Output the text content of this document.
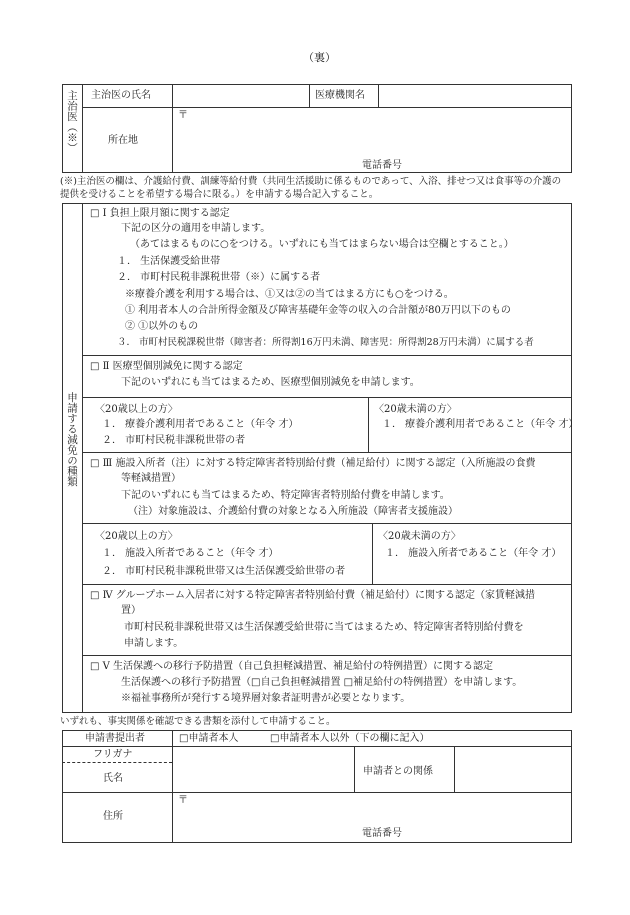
（裏）
主治医（※） 主治医の氏名	医療機関名
所在地
〒
電話番号
(※)主治医の欄は、介護給付費、訓練等給付費（共同生活援助に係るものであって、入浴、排せつ又は食事等の介護の
提供を受けることを希望する場合に限る。）を申請する場合記入すること。
申請する減免の種類
□ Ⅰ 負担上限月額に関する認定
下記の区分の適用を申請します。
（あてはまるものに○をつける。いずれにも当てはまらない場合は空欄とすること。）
１． 生活保護受給世帯
２． 市町村民税非課税世帯（※）に属する者
※療養介護を利用する場合は、①又は②の当てはまる方にも○をつける。
① 利用者本人の合計所得金額及び障害基礎年金等の収入の合計額が80万円以下のもの
② ①以外のもの
３． 市町村民税課税世帯（障害者：所得割16万円未満、障害児：所得割28万円未満）に属する者
□ Ⅱ 医療型個別減免に関する認定
下記のいずれにも当てはまるため、医療型個別減免を申請します。
〈20歳以上の方〉
１． 療養介護利用者であること（年令 才）
２． 市町村民税非課税世帯の者
〈20歳未満の方〉
１． 療養介護利用者であること（年令 才）
□ Ⅲ 施設入所者（注）に対する特定障害者特別給付費（補足給付）に関する認定（入所施設の食費
等軽減措置）
下記のいずれにも当てはまるため、特定障害者特別給付費を申請します。
（注）対象施設は、介護給付費の対象となる入所施設（障害者支援施設）
〈20歳以上の方〉
１． 施設入所者であること（年令 才）
２． 市町村民税非課税世帯又は生活保護受給世帯の者
〈20歳未満の方〉
１． 施設入所者であること（年令 才）
□ Ⅳ グループホーム入居者に対する特定障害者特別給付費（補足給付）に関する認定（家賃軽減措
置）
市町村民税非課税世帯又は生活保護受給世帯に当てはまるため、特定障害者特別給付費を
申請します。
□ Ⅴ 生活保護への移行予防措置（自己負担軽減措置、補足給付の特例措置）に関する認定
生活保護への移行予防措置（□自己負担軽減措置 □補足給付の特例措置）を申請します。
※福祉事務所が発行する境界層対象者証明書が必要となります。
いずれも、事実関係を確認できる書類を添付して申請すること。
申請書提出者	□申請者本人	□申請者本人以外（下の欄に記入）
フリガナ
氏名
申請者との関係
住所
〒
電話番号
